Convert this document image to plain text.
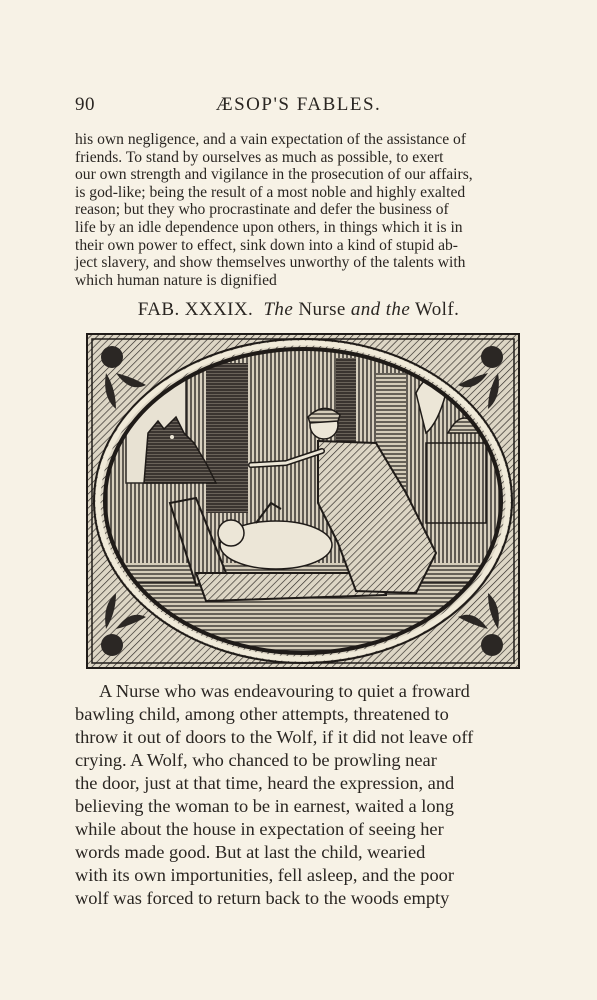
90	ÆSOP'S FABLES.
his own negligence, and a vain expectation of the assistance of
friends. To stand by ourselves as much as possible, to exert
our own strength and vigilance in the prosecution of our affairs,
is god-like; being the result of a most noble and highly exalted
reason; but they who procrastinate and defer the business of
life by an idle dependence upon others, in things which it is in
their own power to effect, sink down into a kind of stupid ab-
ject slavery, and show themselves unworthy of the talents with
which human nature is dignified
FAB. XXXIX. The Nurse and the Wolf.
A Nurse who was endeavouring to quiet a froward
bawling child, among other attempts, threatened to
throw it out of doors to the Wolf, if it did not leave off
crying. A Wolf, who chanced to be prowling near
the door, just at that time, heard the expression, and
believing the woman to be in earnest, waited a long
while about the house in expectation of seeing her
words made good. But at last the child, wearied
with its own importunities, fell asleep, and the poor
wolf was forced to return back to the woods empty
